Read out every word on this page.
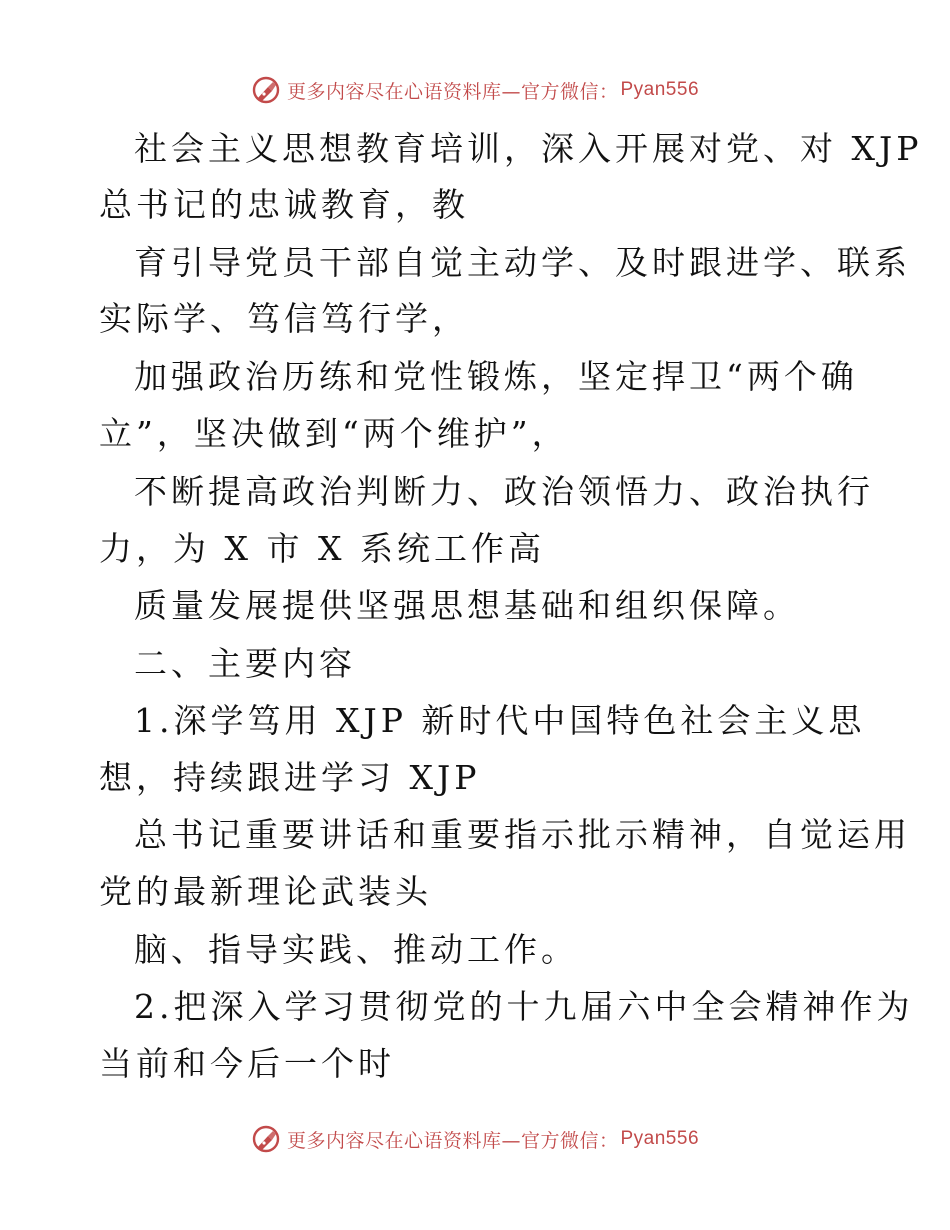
更多内容尽在心语资料库—官方微信： Pyan556
社会主义思想教育培训，深入开展对党、对 XJP
总书记的忠诚教育，教
育引导党员干部自觉主动学、及时跟进学、联系
实际学、笃信笃行学，
加强政治历练和党性锻炼，坚定捍卫“两个确
立”，坚决做到“两个维护”，
不断提高政治判断力、政治领悟力、政治执行
力，为 X 市 X 系统工作高
质量发展提供坚强思想基础和组织保障。
二、主要内容
1.深学笃用 XJP 新时代中国特色社会主义思
想，持续跟进学习 XJP
总书记重要讲话和重要指示批示精神，自觉运用
党的最新理论武装头
脑、指导实践、推动工作。
2.把深入学习贯彻党的十九届六中全会精神作为
当前和今后一个时
更多内容尽在心语资料库—官方微信： Pyan556
